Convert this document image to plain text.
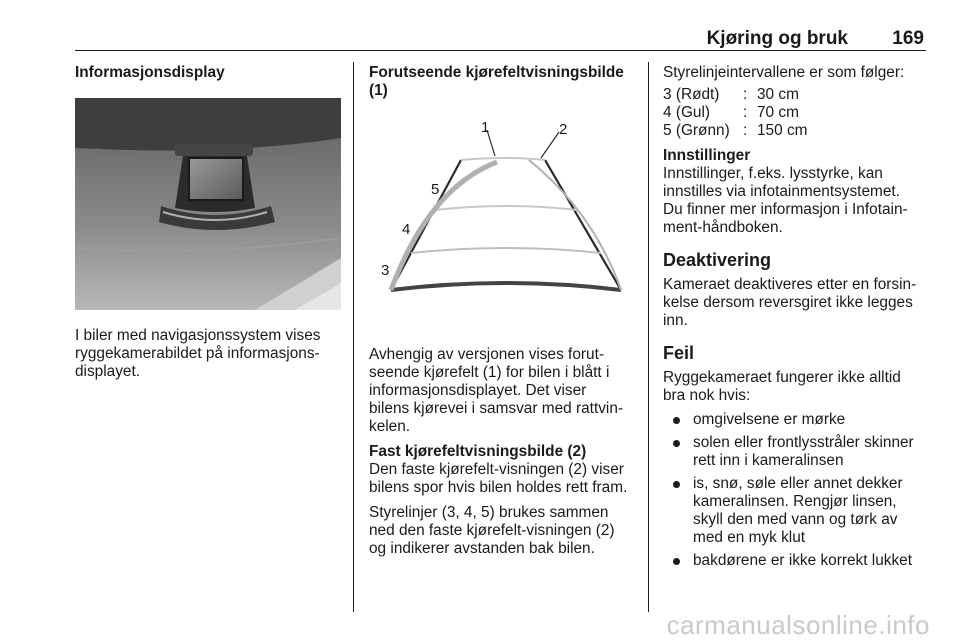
Kjøring og bruk 169

Informasjonsdisplay

I biler med navigasjonssystem vises
ryggekamerabildet på informasjons-
displayet.

Forutseende kjørefeltvisningsbilde
(1)

1	2
5
4
3

Avhengig av versjonen vises forut-
seende kjørefelt (1) for bilen i blått i
informasjonsdisplayet. Det viser
bilens kjørevei i samsvar med rattvin-
kelen.

Fast kjørefeltvisningsbilde (2)

Den faste kjørefelt-visningen (2) viser
bilens spor hvis bilen holdes rett fram.

Styrelinjer (3, 4, 5) brukes sammen
ned den faste kjørefelt-visningen (2)
og indikerer avstanden bak bilen.

Styrelinjeintervallene er som følger:

3 (Rødt)	:	30 cm
4 (Gul)	:	70 cm
5 (Grønn)	:	150 cm

Innstillinger

Innstillinger, f.eks. lysstyrke, kan
innstilles via infotainmentsystemet.
Du finner mer informasjon i Infotain-
ment-håndboken.

Deaktivering

Kameraet deaktiveres etter en forsin-
kelse dersom reversgiret ikke legges
inn.

Feil

Ryggekameraet fungerer ikke alltid
bra nok hvis:

omgivelsene er mørke
solen eller frontlysstråler skinner
rett inn i kameralinsen
is, snø, søle eller annet dekker
kameralinsen. Rengjør linsen,
skyll den med vann og tørk av
med en myk klut
bakdørene er ikke korrekt lukket
carmanualsonline.info
